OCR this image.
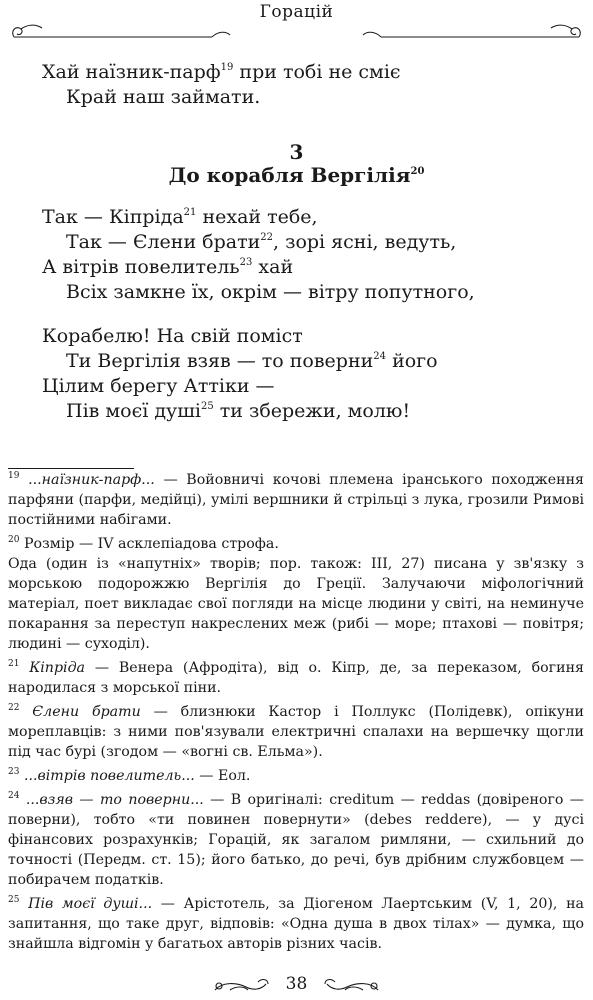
Горацій
Хай наїзник-парф$^{19}$ при тобі не сміє
Край наш займати.
3
До корабля Вергілія$^{20}$
Так — Кіпріда$^{21}$ нехай тебе,
Так — Єлени брати$^{22}$, зорі ясні, ведуть,
А вітрів повелитель$^{23}$ хай
Всіх замкне їх, окрім — вітру попутного,
Корабелю! На свій поміст
Ти Вергілія взяв — то поверни$^{24}$ його
Цілим берегу Аттіки —
Пів моєї душі$^{25}$ ти збережи, молю!

$^{19}$ ...наїзник-парф... — Войовничі кочові племена іранського походження парфяни (парфи, медійці), умілі вершники й стрільці з лука, грозили Римові постійними набігами.

$^{20}$ Розмір — IV асклепіадова строфа.

Ода (один із «напутніх» творів; пор. також: ІІІ, 27) писана у зв'язку з морською подорожжю Вергілія до Греції. Залучаючи міфологічний матеріал, поет викладає свої погляди на місце людини у світі, на неминуче покарання за переступ накреслених меж (рибі — море; птахові — повітря; людині — суходіл).

$^{21}$ Кіпріда — Венера (Афродіта), від о. Кіпр, де, за переказом, богиня народилася з морської піни.

$^{22}$ Єлени брати — близнюки Кастор і Поллукс (Полідевк), опікуни мореплавців: з ними пов'язували електричні спалахи на вершечку щогли під час бурі (згодом — «вогні св. Ельма»).

$^{23}$ ...вітрів повелитель... — Еол.

$^{24}$ ...взяв — то поверни... — В оригіналі: creditum — reddas (довіреного — поверни), тобто «ти повинен повернути» (debes reddere), — у дусі фінансових розрахунків; Горацій, як загалом римляни, — схильний до точності (Передм. ст. 15); його батько, до речі, був дрібним службовцем — побирачем податків.

$^{25}$ Пів моєї душі... — Арістотель, за Діогеном Лаертським (V, 1, 20), на запитання, що таке друг, відповів: «Одна душа в двох тілах» — думка, що знайшла відгомін у багатьох авторів різних часів.

38
